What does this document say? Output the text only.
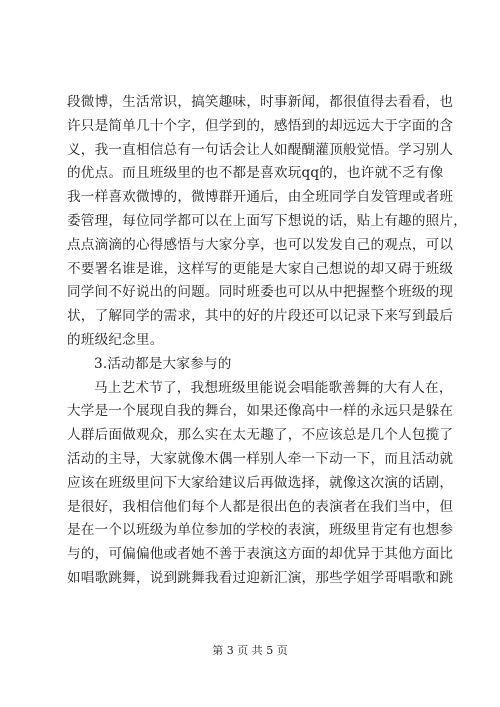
段微博，生活常识，搞笑趣味，时事新闻，都很值得去看看，也
许只是简单几十个字，但学到的，感悟到的却远远大于字面的含
义，我一直相信总有一句话会让人如醍醐灌顶般觉悟。学习别人
的优点。而且班级里的也不都是喜欢玩qq的，也许就不乏有像
我一样喜欢微博的，微博群开通后，由全班同学自发管理或者班
委管理，每位同学都可以在上面写下想说的话，贴上有趣的照片，
点点滴滴的心得感悟与大家分享，也可以发发自己的观点，可以
不要署名谁是谁，这样写的更能是大家自己想说的却又碍于班级
同学间不好说出的问题。同时班委也可以从中把握整个班级的现
状，了解同学的需求，其中的好的片段还可以记录下来写到最后
的班级纪念里。
3.活动都是大家参与的
马上艺术节了，我想班级里能说会唱能歌善舞的大有人在，
大学是一个展现自我的舞台，如果还像高中一样的永远只是躲在
人群后面做观众，那么实在太无趣了，不应该总是几个人包揽了
活动的主导，大家就像木偶一样别人牵一下动一下，而且活动就
应该在班级里问下大家给建议后再做选择，就像这次演的话剧，
是很好，我相信他们每个人都是很出色的表演者在我们当中，但
是在一个以班级为单位参加的学校的表演，班级里肯定有也想参
与的，可偏偏他或者她不善于表演这方面的却优异于其他方面比
如唱歌跳舞，说到跳舞我看过迎新汇演，那些学姐学哥唱歌和跳
第 3 页 共 5 页
